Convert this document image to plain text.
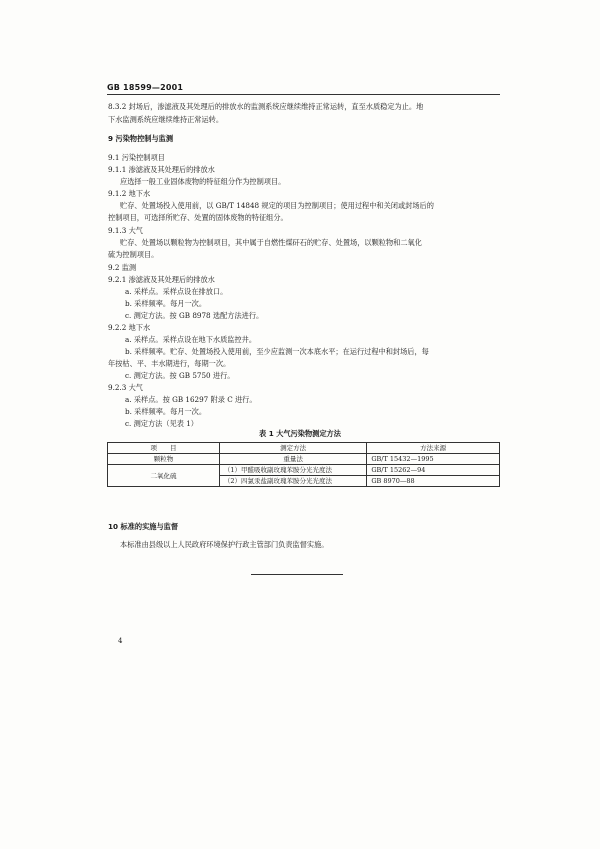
GB 18599—2001
8.3.2 封场后，渗滤液及其处理后的排放水的监测系统应继续维持正常运转，直至水质稳定为止。地
下水监测系统应继续维持正常运转。
9 污染物控制与监测
9.1 污染控制项目
9.1.1 渗滤液及其处理后的排放水
应选择一般工业固体废物的特征组分作为控制项目。
9.1.2 地下水
贮存、处置场投入使用前，以 GB/T 14848 规定的项目为控制项目；使用过程中和关闭或封场后的
控制项目，可选择所贮存、处置的固体废物的特征组分。
9.1.3 大气
贮存、处置场以颗粒物为控制项目，其中属于自燃性煤矸石的贮存、处置场，以颗粒物和二氧化
硫为控制项目。
9.2 监测
9.2.1 渗滤液及其处理后的排放水
a. 采样点。采样点设在排放口。
b. 采样频率。每月一次。
c. 测定方法。按 GB 8978 选配方法进行。
9.2.2 地下水
a. 采样点。采样点设在地下水质监控井。
b. 采样频率。贮存、处置场投入使用前，至少应监测一次本底水平；在运行过程中和封场后，每
年按枯、平、丰水期进行，每期一次。
c. 测定方法。按 GB 5750 进行。
9.2.3 大气
a. 采样点。按 GB 16297 附录 C 进行。
b. 采样频率。每月一次。
c. 测定方法（见表 1）
10 标准的实施与监督
本标准由县级以上人民政府环境保护行政主管部门负责监督实施。
表 1 大气污染物测定方法
项　　目	测定方法	方法来源
颗粒物	重量法	GB/T 15432—1995
二氧化硫	（1）甲醛吸收副玫瑰苯胺分光光度法	GB/T 15262—94
	（2）四氯汞盐副玫瑰苯胺分光光度法	GB 8970—88
4
